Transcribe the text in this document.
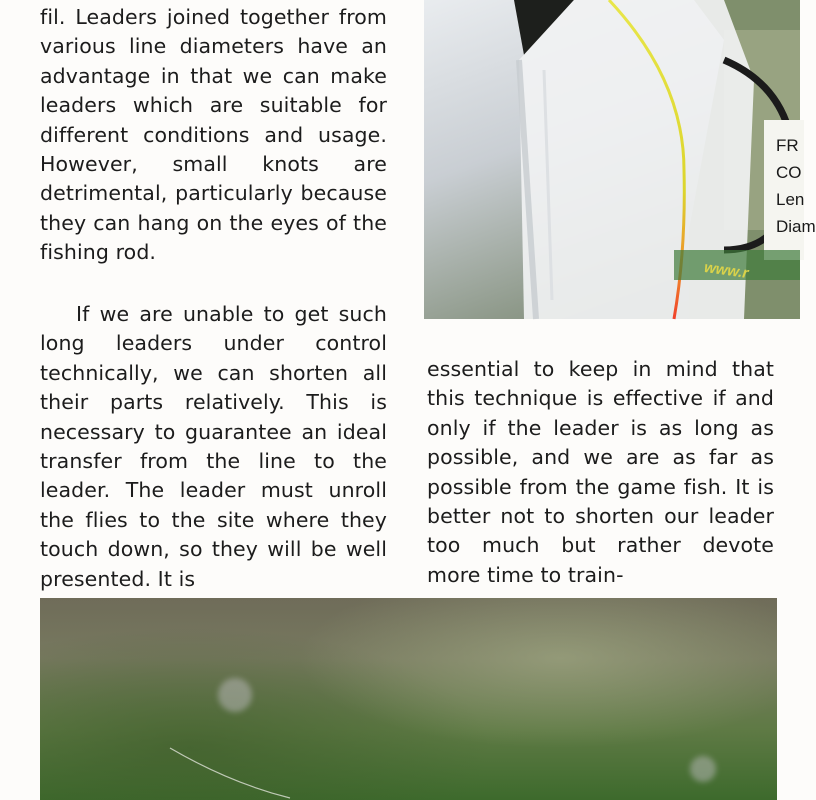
fil. Leaders joined together from various line diameters have an advantage in that we can make leaders which are suitable for different conditions and usage. However, small knots are detrimental, particularly because they can hang on the eyes of the fishing rod.

If we are unable to get such long leaders under control technically, we can shorten all their parts relatively. This is necessary to guarantee an ideal transfer from the line to the leader. The leader must unroll the flies to the site where they touch down, so they will be well presented. It is

FR
CO
Len
Diam
www.r

essential to keep in mind that this technique is effective if and only if the leader is as long as possible, and we are as far as possible from the game fish. It is better not to shorten our leader too much but rather devote more time to train-
